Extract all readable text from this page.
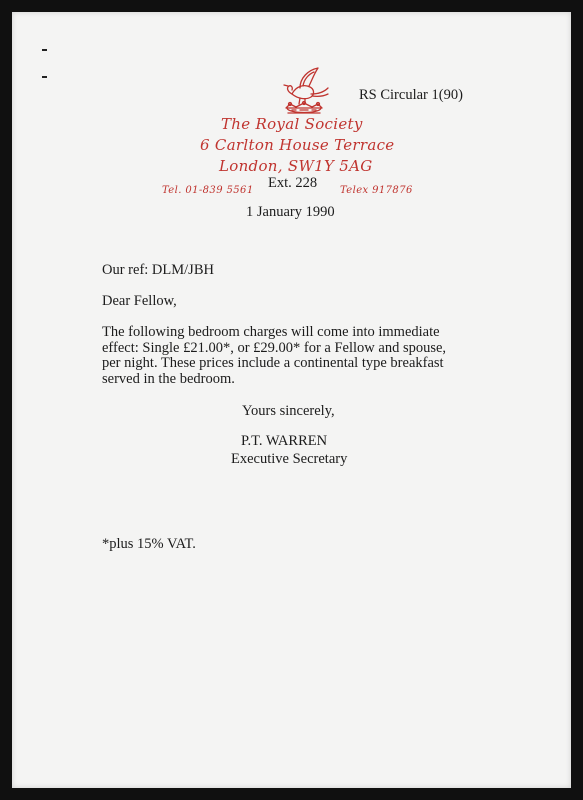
RS Circular 1(90)
The Royal Society
6 Carlton House Terrace
London, SW1Y 5AG
Tel. 01-839 5561	Telex 917876
Ext. 228
1 January 1990
Our ref: DLM/JBH
Dear Fellow,
The following bedroom charges will come into immediate
effect: Single £21.00*, or £29.00* for a Fellow and spouse,
per night. These prices include a continental type breakfast
served in the bedroom.
Yours sincerely,
P.T. WARREN
Executive Secretary
*plus 15% VAT.
